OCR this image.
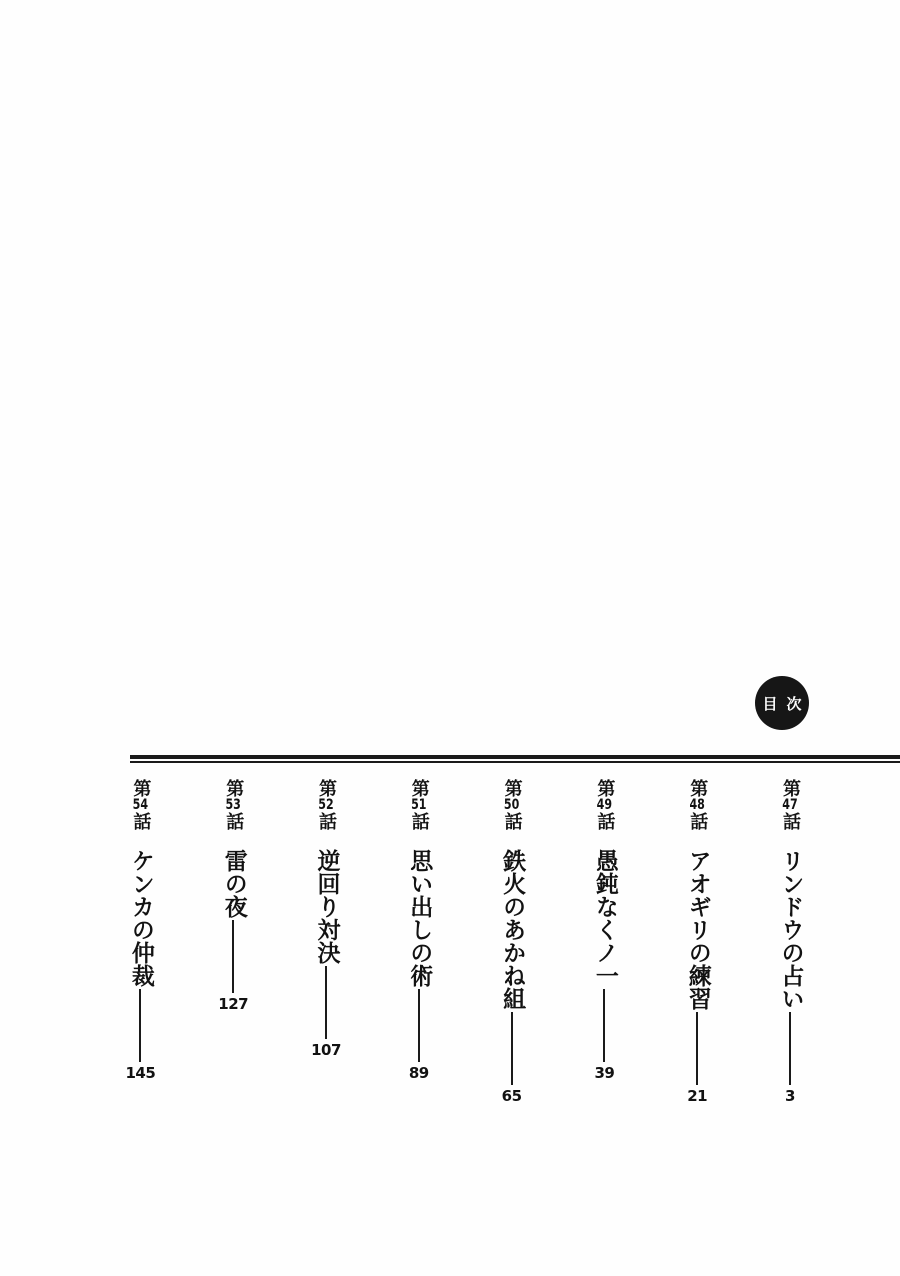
目次
第47話
リンドウの占い
3
第48話
アオギリの練習
21
第49話
愚鈍なくノ一
39
第50話
鉄火のあかね組
65
第51話
思い出しの術
89
第52話
逆回り対決
107
第53話
雷の夜
127
第54話
ケンカの仲裁
145
